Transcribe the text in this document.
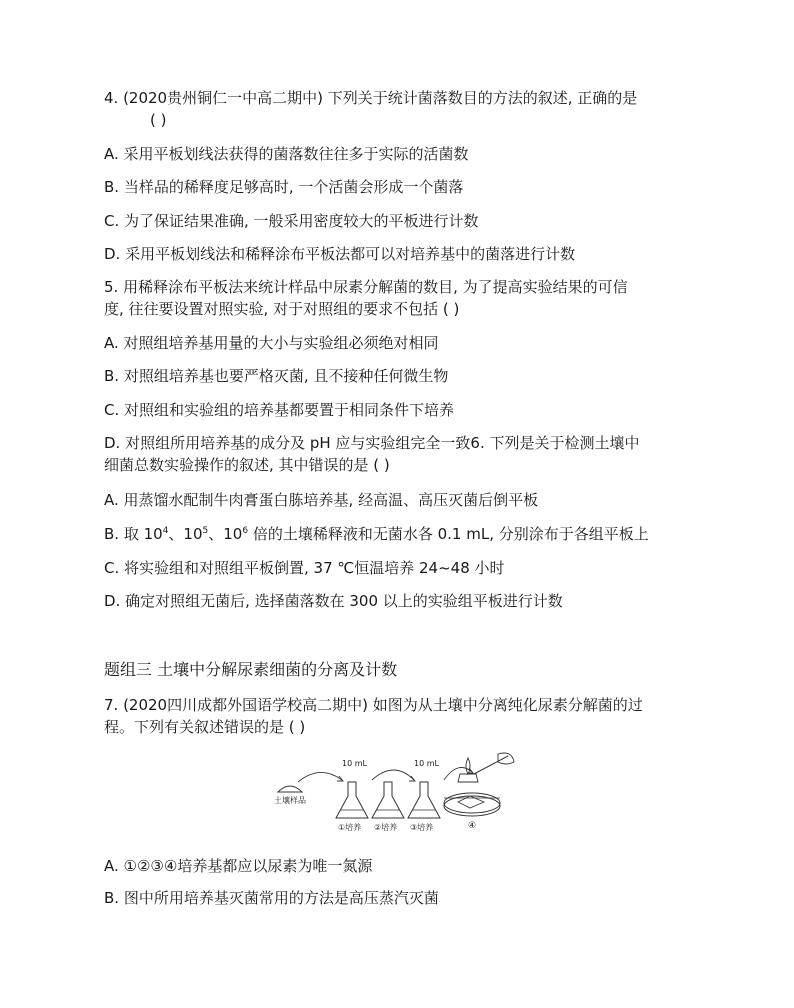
4. (2020贵州铜仁一中高二期中) 下列关于统计菌落数目的方法的叙述, 正确的是
( )
A. 采用平板划线法获得的菌落数往往多于实际的活菌数
B. 当样品的稀释度足够高时, 一个活菌会形成一个菌落
C. 为了保证结果准确, 一般采用密度较大的平板进行计数
D. 采用平板划线法和稀释涂布平板法都可以对培养基中的菌落进行计数
5. 用稀释涂布平板法来统计样品中尿素分解菌的数目, 为了提高实验结果的可信
度, 往往要设置对照实验, 对于对照组的要求不包括 ( )
A. 对照组培养基用量的大小与实验组必须绝对相同
B. 对照组培养基也要严格灭菌, 且不接种任何微生物
C. 对照组和实验组的培养基都要置于相同条件下培养
D. 对照组所用培养基的成分及 pH 应与实验组完全一致6. 下列是关于检测土壤中
细菌总数实验操作的叙述, 其中错误的是 ( )
A. 用蒸馏水配制牛肉膏蛋白胨培养基, 经高温、高压灭菌后倒平板
B. 取 $10^4$、$10^5$、$10^6$ 倍的土壤稀释液和无菌水各 0.1 mL, 分别涂布于各组平板上
C. 将实验组和对照组平板倒置, 37 ℃恒温培养 24~48 小时
D. 确定对照组无菌后, 选择菌落数在 300 以上的实验组平板进行计数
题组三 土壤中分解尿素细菌的分离及计数
7. (2020四川成都外国语学校高二期中) 如图为从土壤中分离纯化尿素分解菌的过
程。下列有关叙述错误的是 ( )
土壤样品
10 mL	10 mL
①培养 ②培养 ③培养	④
A. ①②③④培养基都应以尿素为唯一氮源
B. 图中所用培养基灭菌常用的方法是高压蒸汽灭菌
